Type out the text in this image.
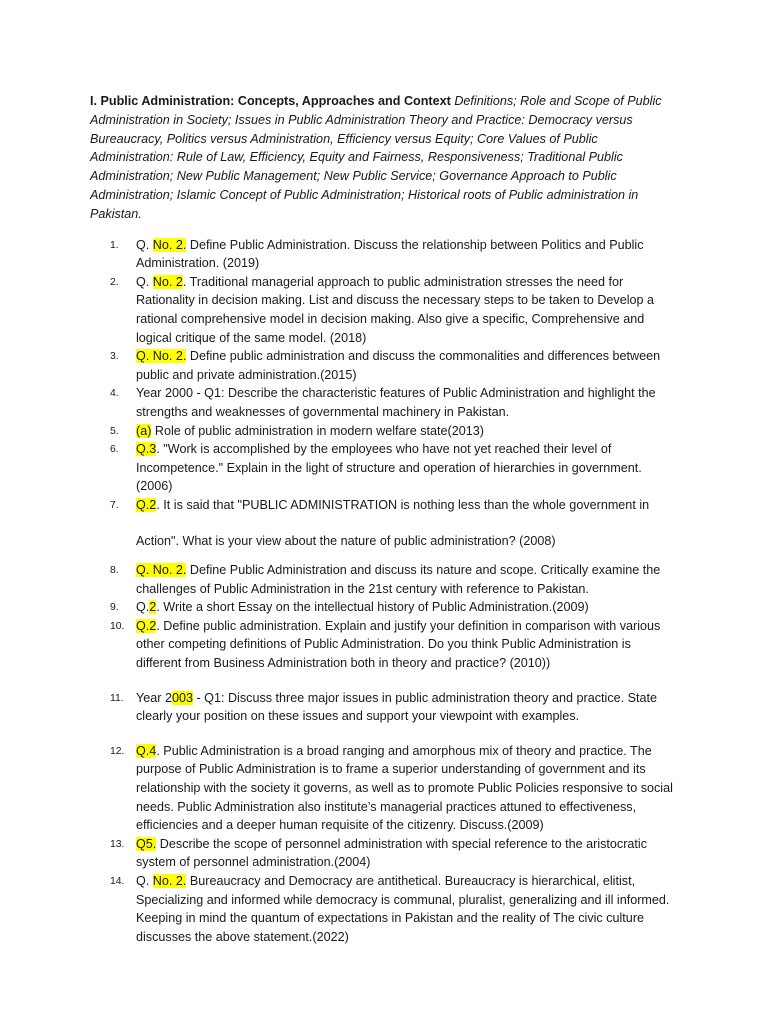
I. Public Administration: Concepts, Approaches and Context Definitions; Role and Scope of Public Administration in Society; Issues in Public Administration Theory and Practice: Democracy versus Bureaucracy, Politics versus Administration, Efficiency versus Equity; Core Values of Public Administration: Rule of Law, Efficiency, Equity and Fairness, Responsiveness; Traditional Public Administration; New Public Management; New Public Service; Governance Approach to Public Administration; Islamic Concept of Public Administration; Historical roots of Public administration in Pakistan.

1.	Q. No. 2. Define Public Administration. Discuss the relationship between Politics and Public Administration. (2019)
2.	Q. No. 2. Traditional managerial approach to public administration stresses the need for Rationality in decision making. List and discuss the necessary steps to be taken to Develop a rational comprehensive model in decision making. Also give a specific, Comprehensive and logical critique of the same model. (2018)
3.	Q. No. 2. Define public administration and discuss the commonalities and differences between public and private administration.(2015)
4.	Year 2000 - Q1: Describe the characteristic features of Public Administration and highlight the strengths and weaknesses of governmental machinery in Pakistan.
5.	(a) Role of public administration in modern welfare state(2013)
6.	Q.3. "Work is accomplished by the employees who have not yet reached their level of Incompetence." Explain in the light of structure and operation of hierarchies in government. (2006)
7.	Q.2. It is said that "PUBLIC ADMINISTRATION is nothing less than the whole government in
Action". What is your view about the nature of public administration? (2008)
8.	Q. No. 2. Define Public Administration and discuss its nature and scope. Critically examine the challenges of Public Administration in the 21st century with reference to Pakistan.
9.	Q.2. Write a short Essay on the intellectual history of Public Administration.(2009)
10. Q.2. Define public administration. Explain and justify your definition in comparison with various other competing definitions of Public Administration. Do you think Public Administration is different from Business Administration both in theory and practice? (2010))
11. Year 2003 - Q1: Discuss three major issues in public administration theory and practice. State clearly your position on these issues and support your viewpoint with examples.
12. Q.4. Public Administration is a broad ranging and amorphous mix of theory and practice. The purpose of Public Administration is to frame a superior understanding of government and its relationship with the society it governs, as well as to promote Public Policies responsive to social needs. Public Administration also institute’s managerial practices attuned to effectiveness, efficiencies and a deeper human requisite of the citizenry. Discuss.(2009)
13. Q5. Describe the scope of personnel administration with special reference to the aristocratic system of personnel administration.(2004)
14. Q. No. 2. Bureaucracy and Democracy are antithetical. Bureaucracy is hierarchical, elitist, Specializing and informed while democracy is communal, pluralist, generalizing and ill informed. Keeping in mind the quantum of expectations in Pakistan and the reality of The civic culture discusses the above statement.(2022)
